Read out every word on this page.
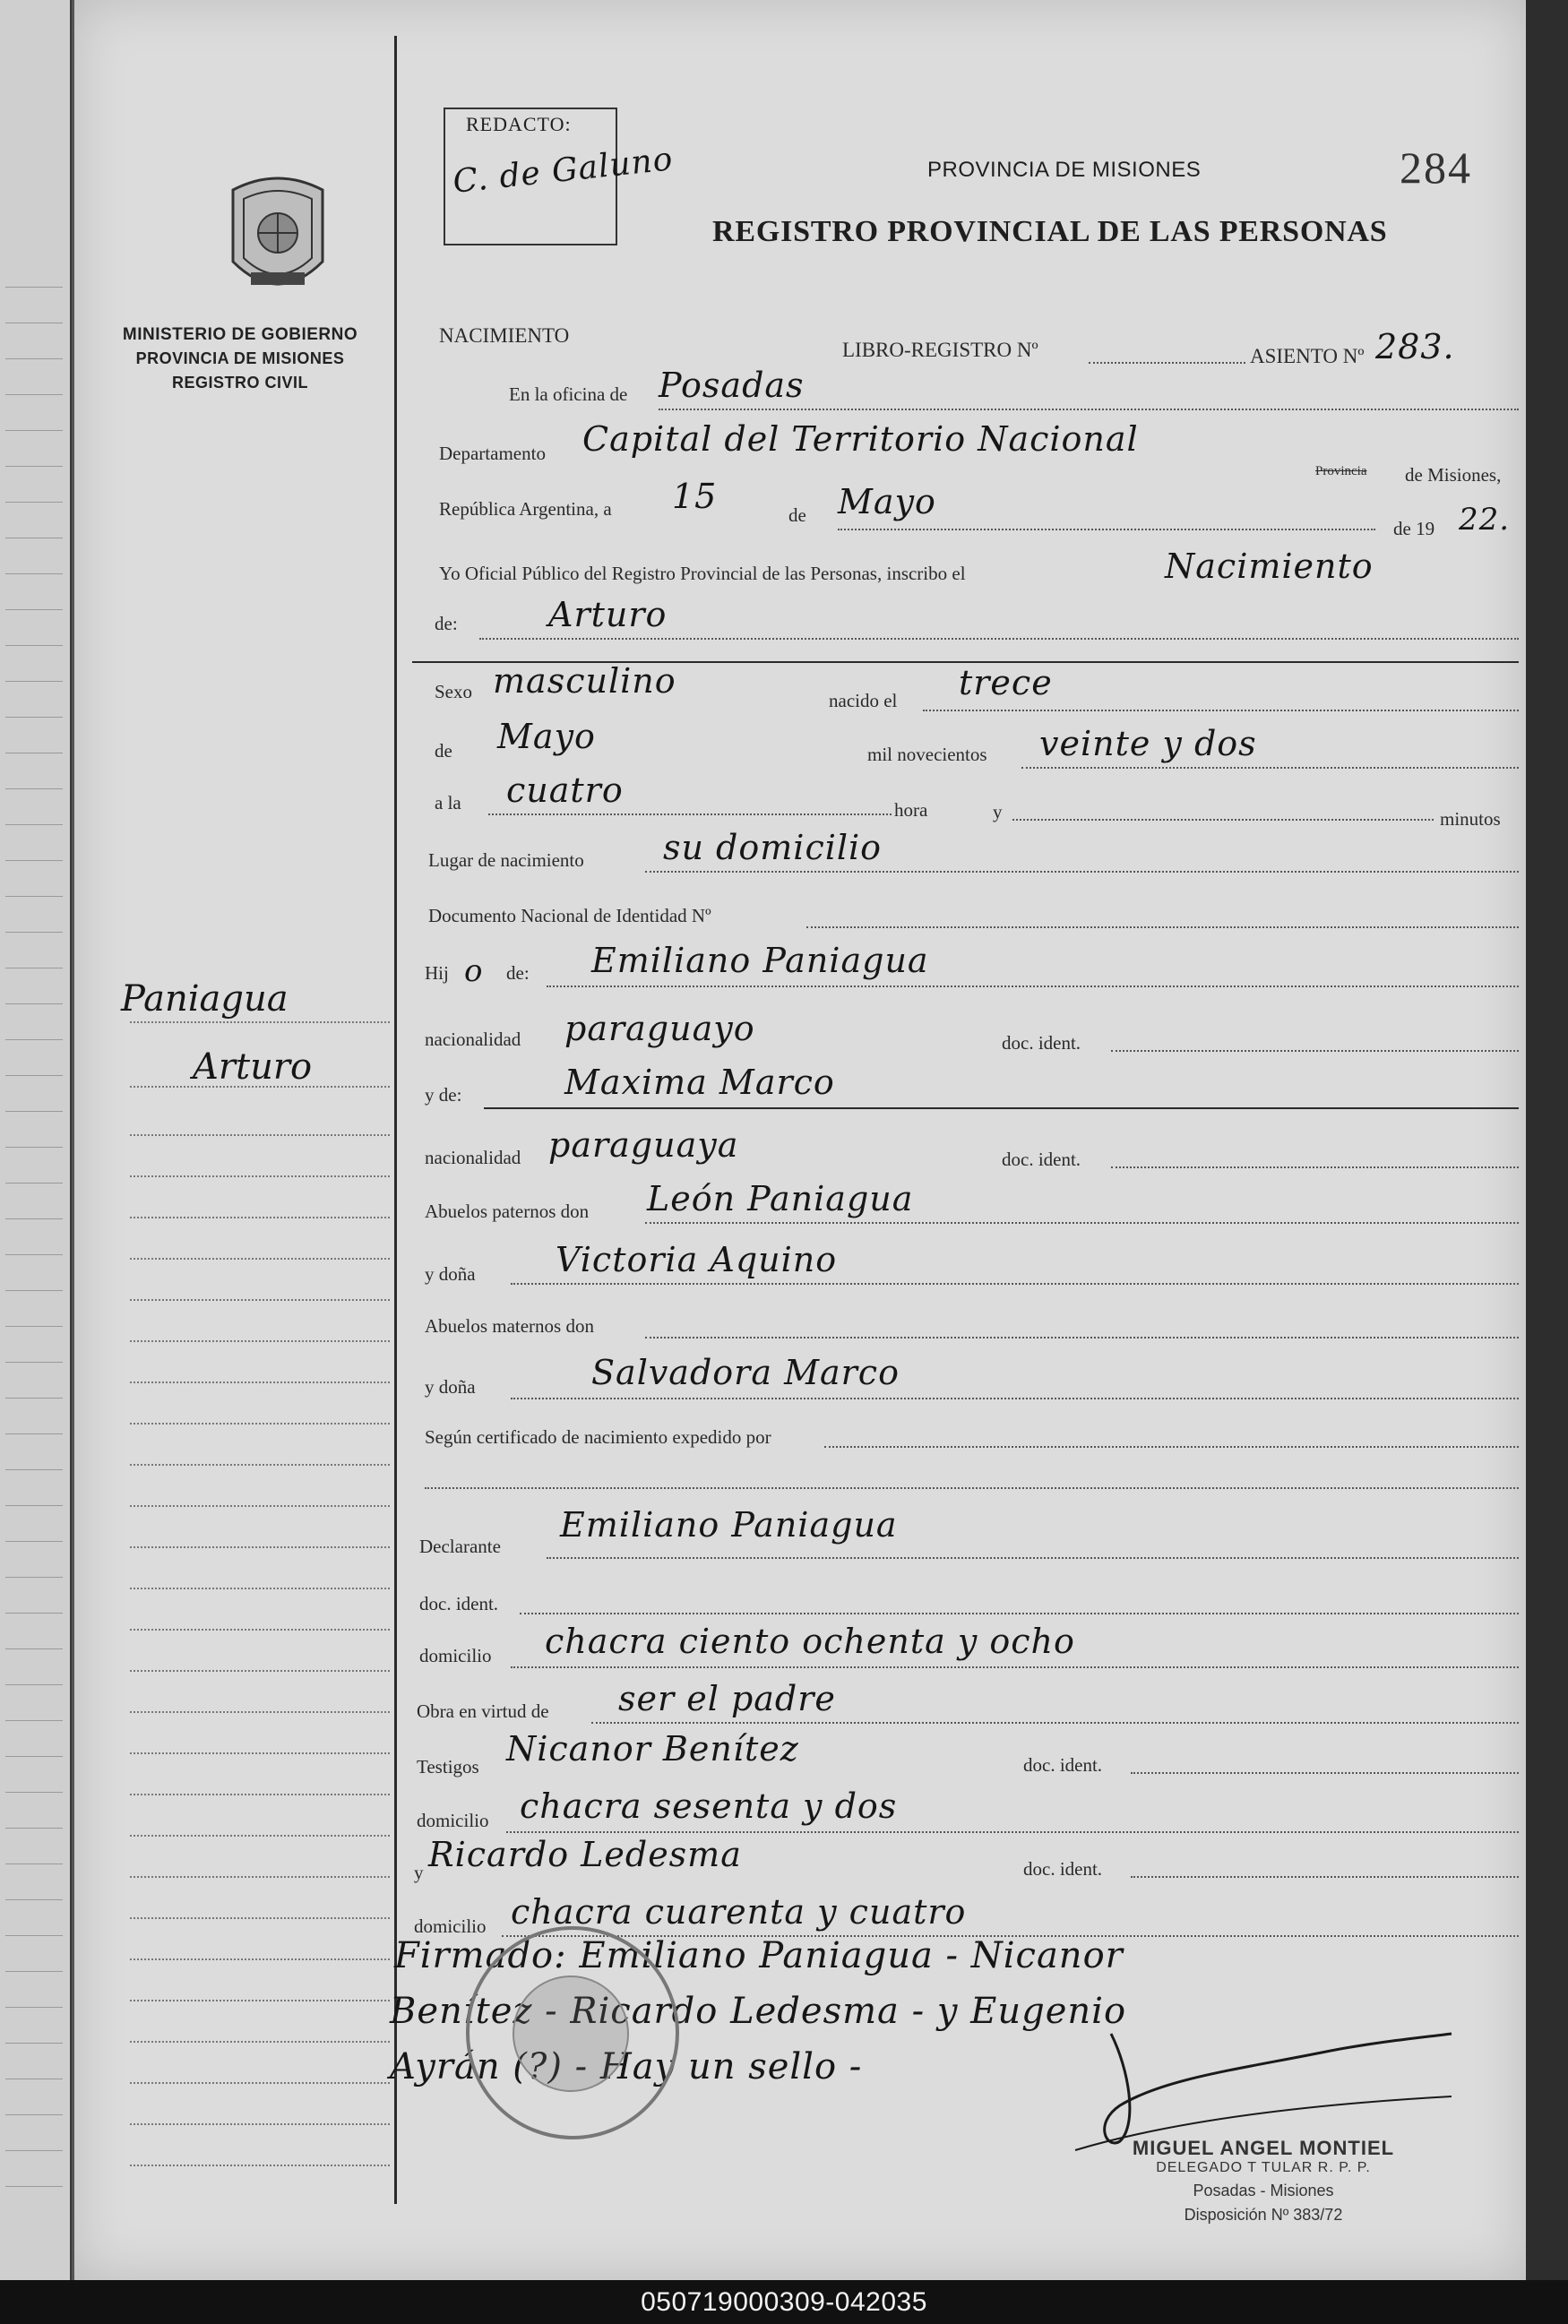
MINISTERIO DE GOBIERNO
PROVINCIA DE MISIONES
REGISTRO CIVIL
REDACTO:
C. de Galuno	PROVINCIA DE MISIONES	284
REGISTRO PROVINCIAL DE LAS PERSONAS
NACIMIENTO
LIBRO-REGISTRO Nº	ASIENTO Nº 283.
En la oficina de Posadas
Departamento Capital del Territorio Nacional
Provincia de Misiones,
República Argentina, a 15	de Mayo
de 19 22.
Yo Oficial Público del Registro Provincial de las Personas, inscribo el	Nacimiento
de:	Arturo
Sexo masculino	nacido el trece
de Mayo	mil novecientos veinte y dos
a la cuatro	hora	y	minutos
Lugar de nacimiento su domicilio
Documento Nacional de Identidad Nº
Hij o de: Emiliano Paniagua
nacionalidad paraguayo	doc. ident.
y de:	Maxima Marco
nacionalidad paraguaya	doc. ident.
Abuelos paternos don León Paniagua
y doña Victoria Aquino
Abuelos maternos don
y doña	Salvadora Marco
Según certificado de nacimiento expedido por
Declarante
Emiliano Paniagua
doc. ident.
domicilio chacra ciento ochenta y ocho
Obra en virtud de ser el padre
Testigos Nicanor Benítez	doc. ident.
domicilio chacra sesenta y dos
y Ricardo Ledesma	doc. ident.
domicilio chacra cuarenta y cuatro
Firmado: Emiliano Paniagua - Nicanor
Benítez - Ricardo Ledesma - y Eugenio
Ayrán (?) - Hay un sello -
MIGUEL ANGEL MONTIEL
DELEGADO T TULAR R. P. P.
Posadas - Misiones
Disposición Nº 383/72
Paniagua
Arturo
050719000309-042035
